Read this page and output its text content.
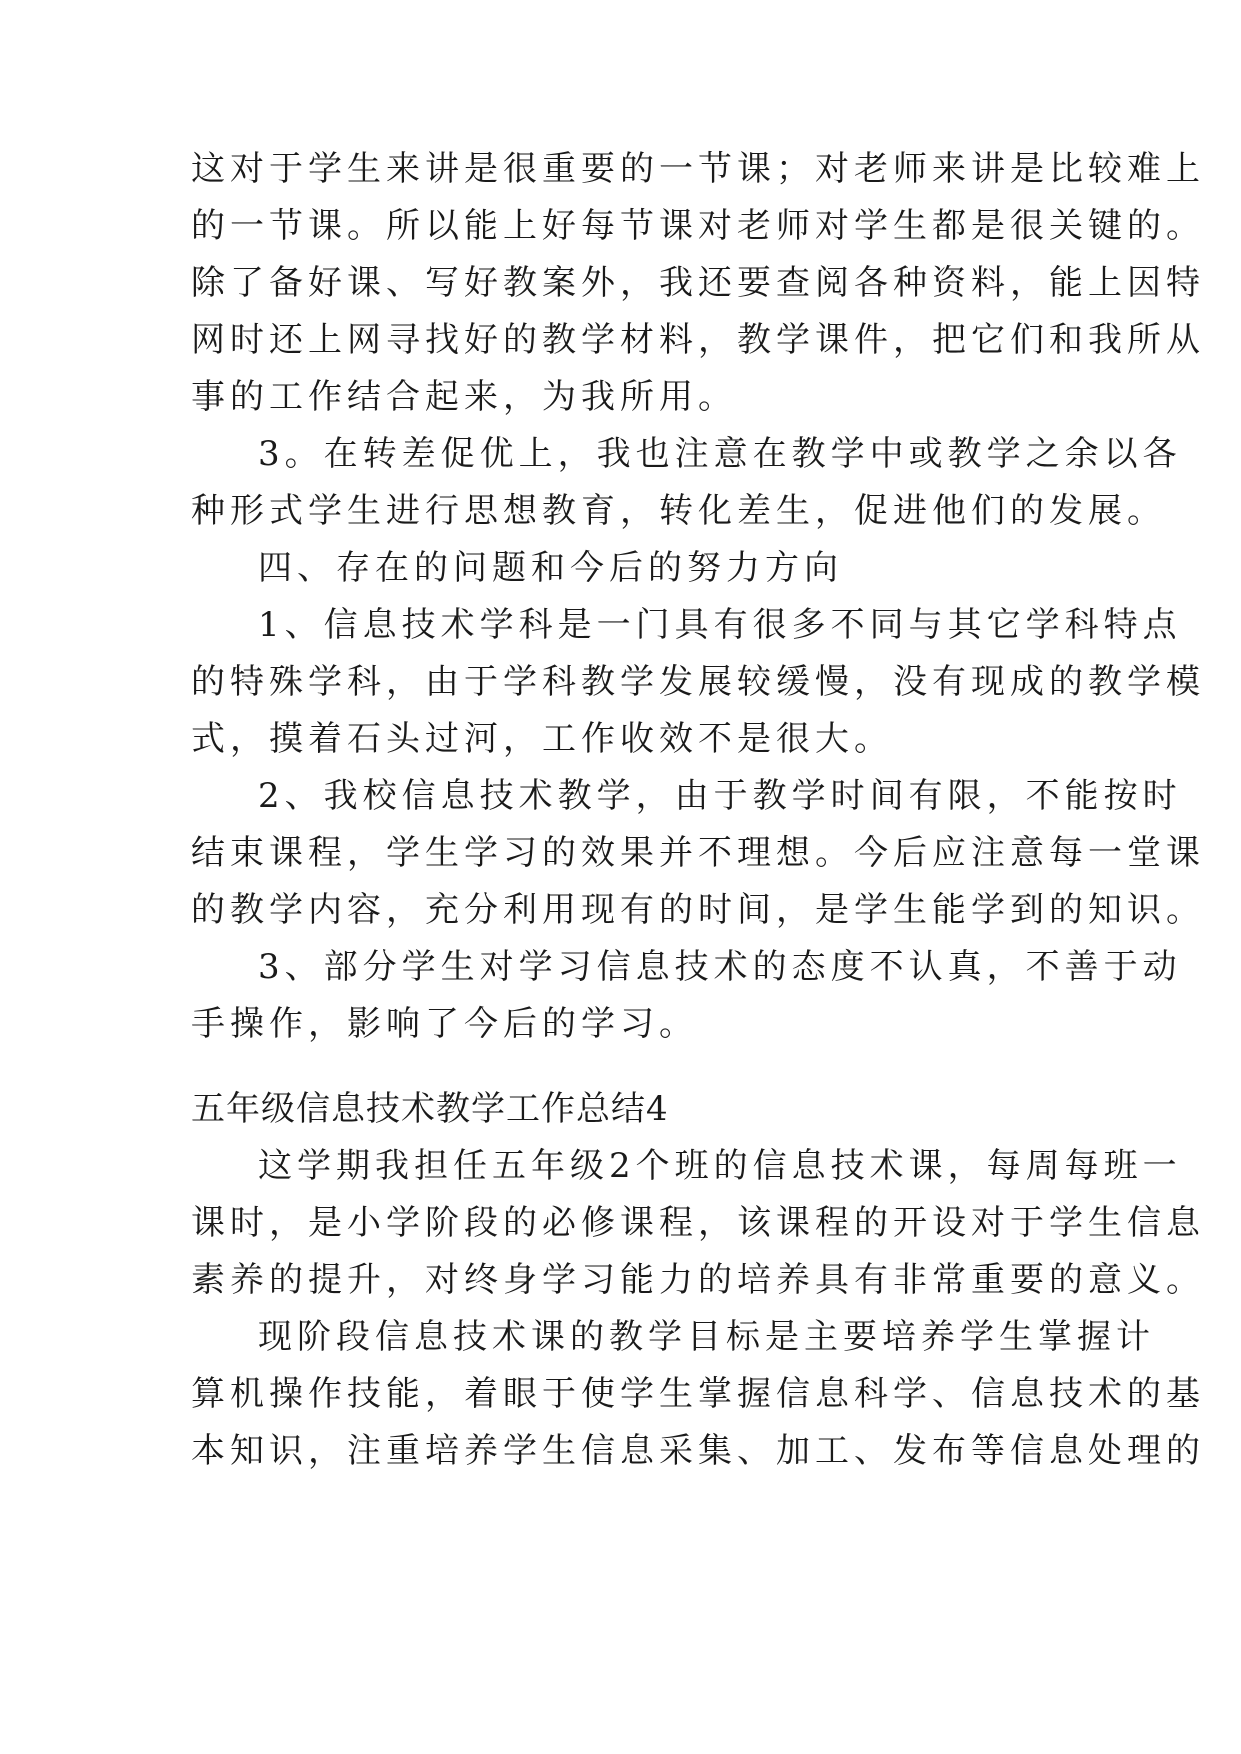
这对于学生来讲是很重要的一节课；对老师来讲是比较难上
的一节课。所以能上好每节课对老师对学生都是很关键的。
除了备好课、写好教案外，我还要查阅各种资料，能上因特
网时还上网寻找好的教学材料，教学课件，把它们和我所从
事的工作结合起来，为我所用。
3。在转差促优上，我也注意在教学中或教学之余以各
种形式学生进行思想教育，转化差生，促进他们的发展。
四、存在的问题和今后的努力方向
1、信息技术学科是一门具有很多不同与其它学科特点
的特殊学科，由于学科教学发展较缓慢，没有现成的教学模
式，摸着石头过河，工作收效不是很大。
2、我校信息技术教学，由于教学时间有限，不能按时
结束课程，学生学习的效果并不理想。今后应注意每一堂课
的教学内容，充分利用现有的时间，是学生能学到的知识。
3、部分学生对学习信息技术的态度不认真，不善于动
手操作，影响了今后的学习。
五年级信息技术教学工作总结4
这学期我担任五年级2个班的信息技术课，每周每班一
课时，是小学阶段的必修课程，该课程的开设对于学生信息
素养的提升，对终身学习能力的培养具有非常重要的意义。
现阶段信息技术课的教学目标是主要培养学生掌握计
算机操作技能，着眼于使学生掌握信息科学、信息技术的基
本知识，注重培养学生信息采集、加工、发布等信息处理的
